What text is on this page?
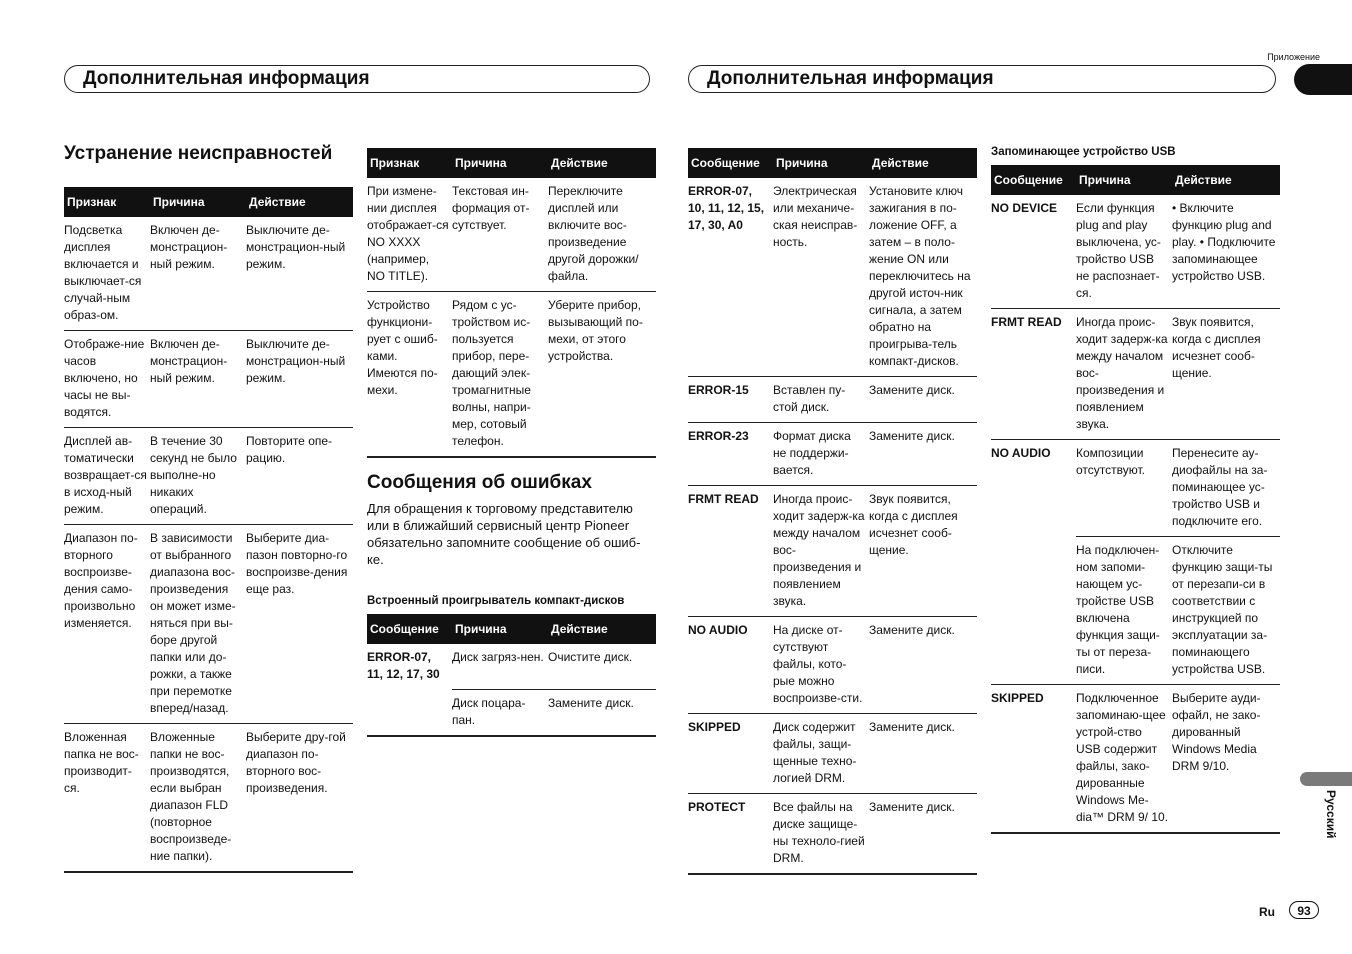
Приложение
Дополнительная информация	Дополнительная информация
Устранение неисправностей
Признак	Причина	Действие
Подсветка дисплея включается и выключает-ся случай-ным образ-ом.	Включен де-монстрацион-ный режим.	Выключите де-монстрацион-ный режим.
Отображе-ние часов включено, но часы не вы-водятся.	Включен де-монстрацион-ный режим.	Выключите де-монстрацион-ный режим.
Дисплей ав-томатически возвращает-ся в исход-ный режим.	В течение 30 секунд не было выполне-но никаких операций.	Повторите опе-рацию.
Диапазон по-вторного воспроизве-дения само-произвольно изменяется.	В зависимости от выбранного диапазона вос-произведения он может изме-няться при вы-боре другой папки или до-рожки, а также при перемотке вперед/назад.	Выберите диа-пазон повторно-го воспроизве-дения еще раз.
Вложенная папка не вос-производит-ся.	Вложенные папки не вос-производятся, если выбран диапазон FLD (повторное воспроизведе-ние папки).	Выберите дру-гой диапазон по-вторного вос-произведения.
Признак	Причина	Действие
При измене-нии дисплея отображает-ся NO XXXX (например, NO TITLE).	Текстовая ин-формация от-сутствует.	Переключите дисплей или включите вос-произведение другой дорожки/ файла.
Устройство функциони-рует с ошиб-ками. Имеются по-мехи.	Рядом с ус-тройством ис-пользуется прибор, пере-дающий элек-тромагнитные волны, напри-мер, сотовый телефон.	Уберите прибор, вызывающий по-мехи, от этого устройства.
Сообщения об ошибках
Для обращения к торговому представителю или в ближайший сервисный центр Pioneer обязательно запомните сообщение об ошиб-ке.
Встроенный проигрыватель компакт-дисков
Сообщение	Причина	Действие
ERROR-07, 11, 12, 17, 30	Диск загряз-нен.	Очистите диск.
	Диск поцара-пан.	Замените диск.
Сообщение	Причина	Действие
ERROR-07, 10, 11, 12, 15, 17, 30, A0	Электрическая или механиче-ская неисправ-ность.	Установите ключ зажигания в по-ложение OFF, а затем – в поло-жение ON или переключитесь на другой источ-ник сигнала, а затем обратно на проигрыва-тель компакт-дисков.
ERROR-15	Вставлен пу-стой диск.	Замените диск.
ERROR-23	Формат диска не поддержи-вается.	Замените диск.
FRMT READ	Иногда проис-ходит задерж-ка между началом вос-произведения и появлением звука.	Звук появится, когда с дисплея исчезнет сооб-щение.
NO AUDIO	На диске от-сутствуют файлы, кото-рые можно воспроизве-сти.	Замените диск.
SKIPPED	Диск содержит файлы, защи-щенные техно-логией DRM.	Замените диск.
PROTECT	Все файлы на диске защище-ны техноло-гией DRM.	Замените диск.
Запоминающее устройство USB
Сообщение	Причина	Действие
NO DEVICE	Если функция plug and play выключена, ус-тройство USB не распознает-ся.	• Включите функцию plug and play. • Подключите запоминающее устройство USB.
FRMT READ	Иногда проис-ходит задерж-ка между началом вос-произведения и появлением звука.	Звук появится, когда с дисплея исчезнет сооб-щение.
NO AUDIO	Композиции отсутствуют.	Перенесите ау-диофайлы на за-поминающее ус-тройство USB и подключите его.
	На подключен-ном запоми-нающем ус-тройстве USB включена функция защи-ты от переза-писи.	Отключите функцию защи-ты от перезапи-си в соответствии с инструкцией по эксплуатации за-поминающего устройства USB.
SKIPPED	Подключенное запоминаю-щее устрой-ство USB содержит файлы, зако-дированные Windows Me-dia™ DRM 9/ 10.	Выберите ауди-офайл, не зако-дированный Windows Media DRM 9/10.
Русский
Ru	93
